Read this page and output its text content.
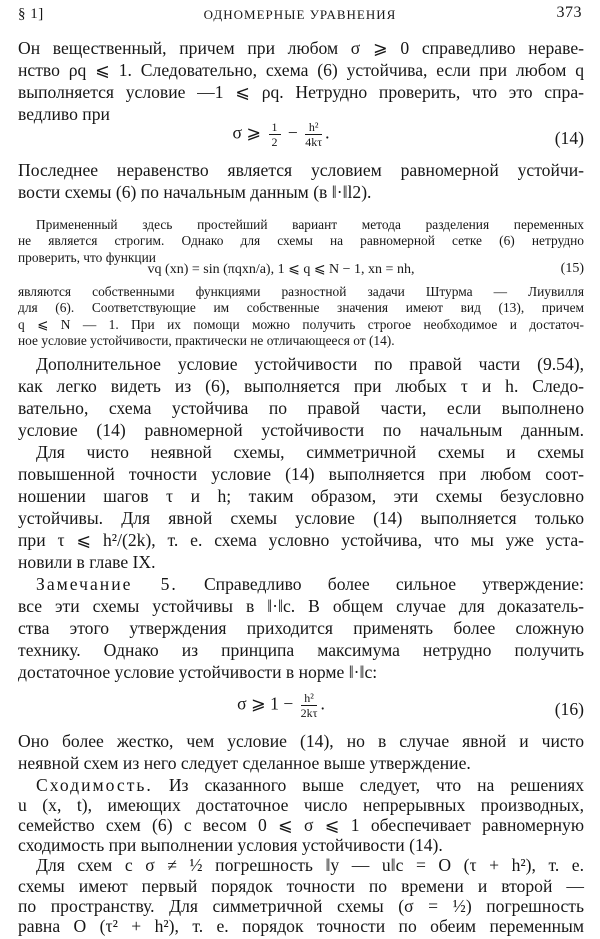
§ 1]	ОДНОМЕРНЫЕ УРАВНЕНИЯ	373
Он вещественный, причем при любом σ ⩾ 0 справедливо нераве-
нство ρq ⩽ 1. Следовательно, схема (6) устойчива, если при любом q
выполняется условие —1 ⩽ ρq. Нетрудно проверить, что это спра-
ведливо при
σ ⩾ $\frac{1}{2} - \frac{\text{h²}}{4k\tau}$ .	(14)
Последнее неравенство является условием равномерной устойчи-
вости схемы (6) по начальным данным (в ‖·‖l2).
Примененный здесь простейший вариант метода разделения переменных
не является строгим. Однако для схемы на равномерной сетке (6) нетрудно
проверить, что функции
vq (xn) = sin (πqxn/a), 1 ⩽ q ⩽ N − 1, xn = nh,	(15)
являются собственными функциями разностной задачи Штурма — Лиувилля
для (6). Соответствующие им собственные значения имеют вид (13), причем
q ⩽ N — 1. При их помощи можно получить строгое необходимое и достаточ-
ное условие устойчивости, практически не отличающееся от (14).
Дополнительное условие устойчивости по правой части (9.54),
как легко видеть из (6), выполняется при любых τ и h. Следо-
вательно, схема устойчива по правой части, если выполнено
условие (14) равномерной устойчивости по начальным данным.
Для чисто неявной схемы, симметричной схемы и схемы
повышенной точности условие (14) выполняется при любом соот-
ношении шагов τ и h; таким образом, эти схемы безусловно
устойчивы. Для явной схемы условие (14) выполняется только
при τ ⩽ h²/(2k), т. е. схема условно устойчива, что мы уже уста-
новили в главе IX.
Замечание 5. Справедливо более сильное утверждение:
все эти схемы устойчивы в ‖·‖c. В общем случае для доказатель-
ства этого утверждения приходится применять более сложную
технику. Однако из принципа максимума нетрудно получить
достаточное условие устойчивости в норме ‖·‖c:
σ ⩾ $1 - \frac{\text{h²}}{2k\tau}$ .	(16)
Оно более жестко, чем условие (14), но в случае явной и чисто
неявной схем из него следует сделанное выше утверждение.
Сходимость. Из сказанного выше следует, что на решениях
u (x, t), имеющих достаточное число непрерывных производных,
семейство схем (6) с весом 0 ⩽ σ ⩽ 1 обеспечивает равномерную
сходимость при выполнении условия устойчивости (14).
Для схем с σ ≠ ½ погрешность ‖y — u‖c = O (τ + h²), т. е.
схемы имеют первый порядок точности по времени и второй —
по пространству. Для симметричной схемы (σ = ½) погрешность
равна O (τ² + h²), т. е. порядок точности по обеим переменным
